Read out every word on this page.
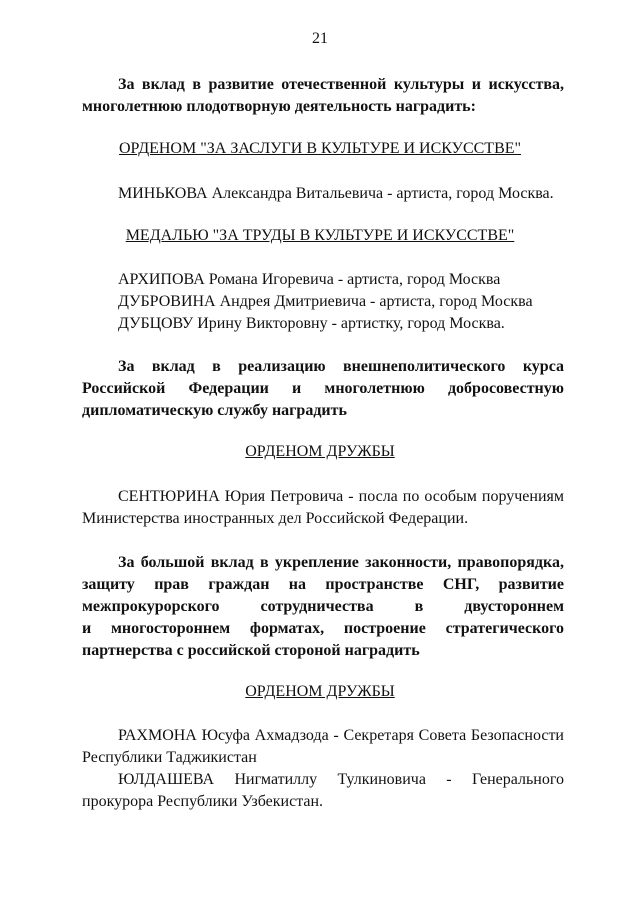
21
За вклад в развитие отечественной культуры и искусства,
многолетнюю плодотворную деятельность наградить:
ОРДЕНОМ "ЗА ЗАСЛУГИ В КУЛЬТУРЕ И ИСКУССТВЕ"
МИНЬКОВА Александра Витальевича - артиста, город Москва.
МЕДАЛЬЮ "ЗА ТРУДЫ В КУЛЬТУРЕ И ИСКУССТВЕ"
АРХИПОВА Романа Игоревича - артиста, город Москва
ДУБРОВИНА Андрея Дмитриевича - артиста, город Москва
ДУБЦОВУ Ирину Викторовну - артистку, город Москва.
За вклад в реализацию внешнеполитического курса
Российской Федерации и многолетнюю добросовестную
дипломатическую службу наградить
ОРДЕНОМ ДРУЖБЫ
СЕНТЮРИНА Юрия Петровича - посла по особым поручениям
Министерства иностранных дел Российской Федерации.
За большой вклад в укрепление законности, правопорядка,
защиту прав граждан на пространстве СНГ, развитие
межпрокурорского сотрудничества в двустороннем
и многостороннем форматах, построение стратегического
партнерства с российской стороной наградить
ОРДЕНОМ ДРУЖБЫ
РАХМОНА Юсуфа Ахмадзода - Секретаря Совета Безопасности
Республики Таджикистан
ЮЛДАШЕВА Нигматиллу Тулкиновича - Генерального
прокурора Республики Узбекистан.
